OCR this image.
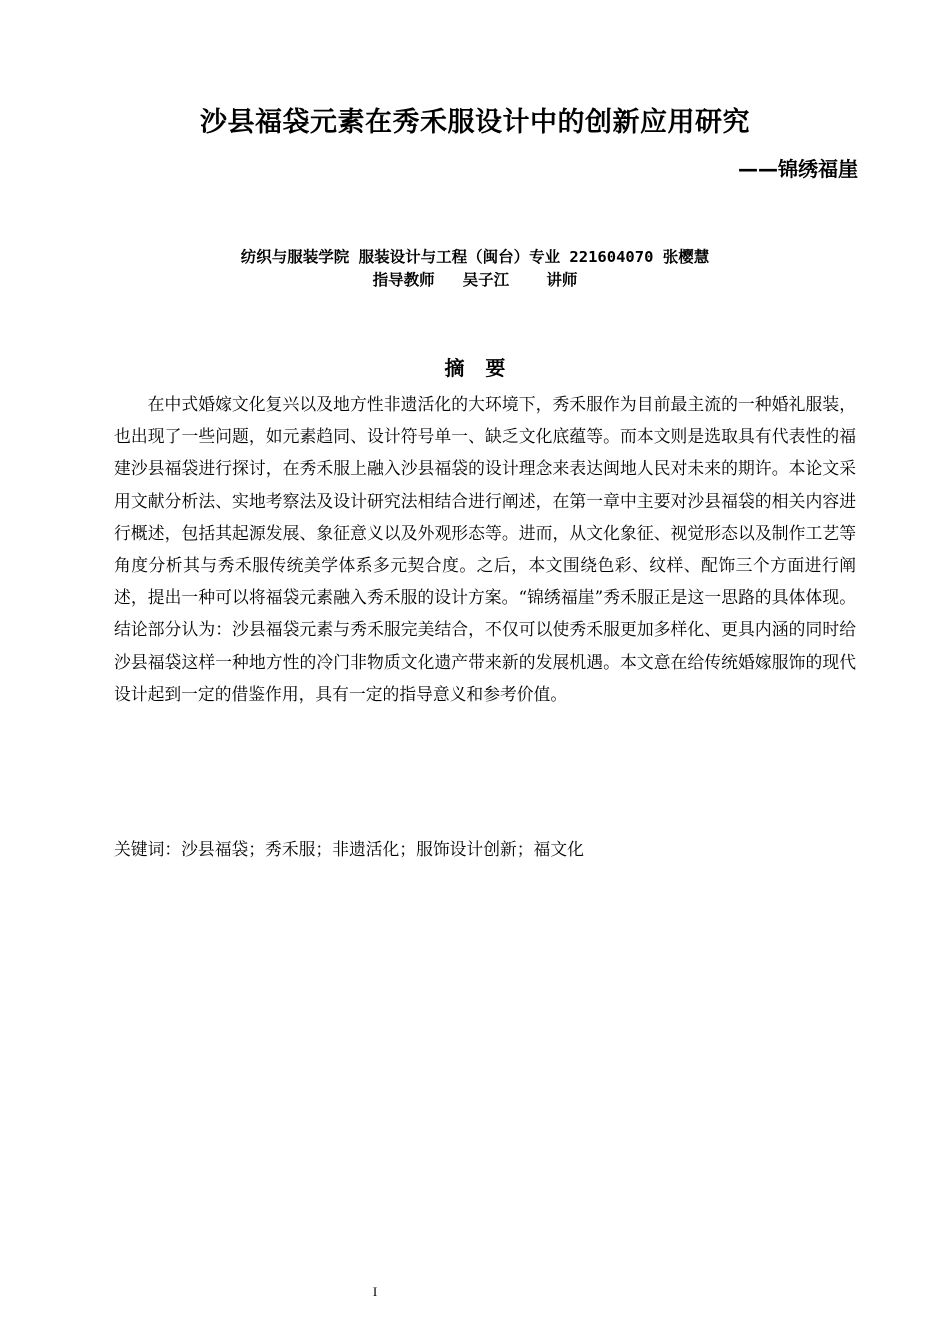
沙县福袋元素在秀禾服设计中的创新应用研究
——锦绣福崖
纺织与服装学院 服装设计与工程（闽台）专业 221604070 张樱慧
指导教师   吴子江    讲师
摘   要

在中式婚嫁文化复兴以及地方性非遗活化的大环境下，秀禾服作为目前最主流的一种婚礼服装，也出现了一些问题，如元素趋同、设计符号单一、缺乏文化底蕴等。而本文则是选取具有代表性的福建沙县福袋进行探讨，在秀禾服上融入沙县福袋的设计理念来表达闽地人民对未来的期许。本论文采用文献分析法、实地考察法及设计研究法相结合进行阐述，在第一章中主要对沙县福袋的相关内容进行概述，包括其起源发展、象征意义以及外观形态等。进而，从文化象征、视觉形态以及制作工艺等角度分析其与秀禾服传统美学体系多元契合度。之后，本文围绕色彩、纹样、配饰三个方面进行阐述，提出一种可以将福袋元素融入秀禾服的设计方案。“锦绣福崖”秀禾服正是这一思路的具体体现。结论部分认为：沙县福袋元素与秀禾服完美结合，不仅可以使秀禾服更加多样化、更具内涵的同时给沙县福袋这样一种地方性的冷门非物质文化遗产带来新的发展机遇。本文意在给传统婚嫁服饰的现代设计起到一定的借鉴作用，具有一定的指导意义和参考价值。

关键词：沙县福袋；秀禾服；非遗活化；服饰设计创新；福文化
I
